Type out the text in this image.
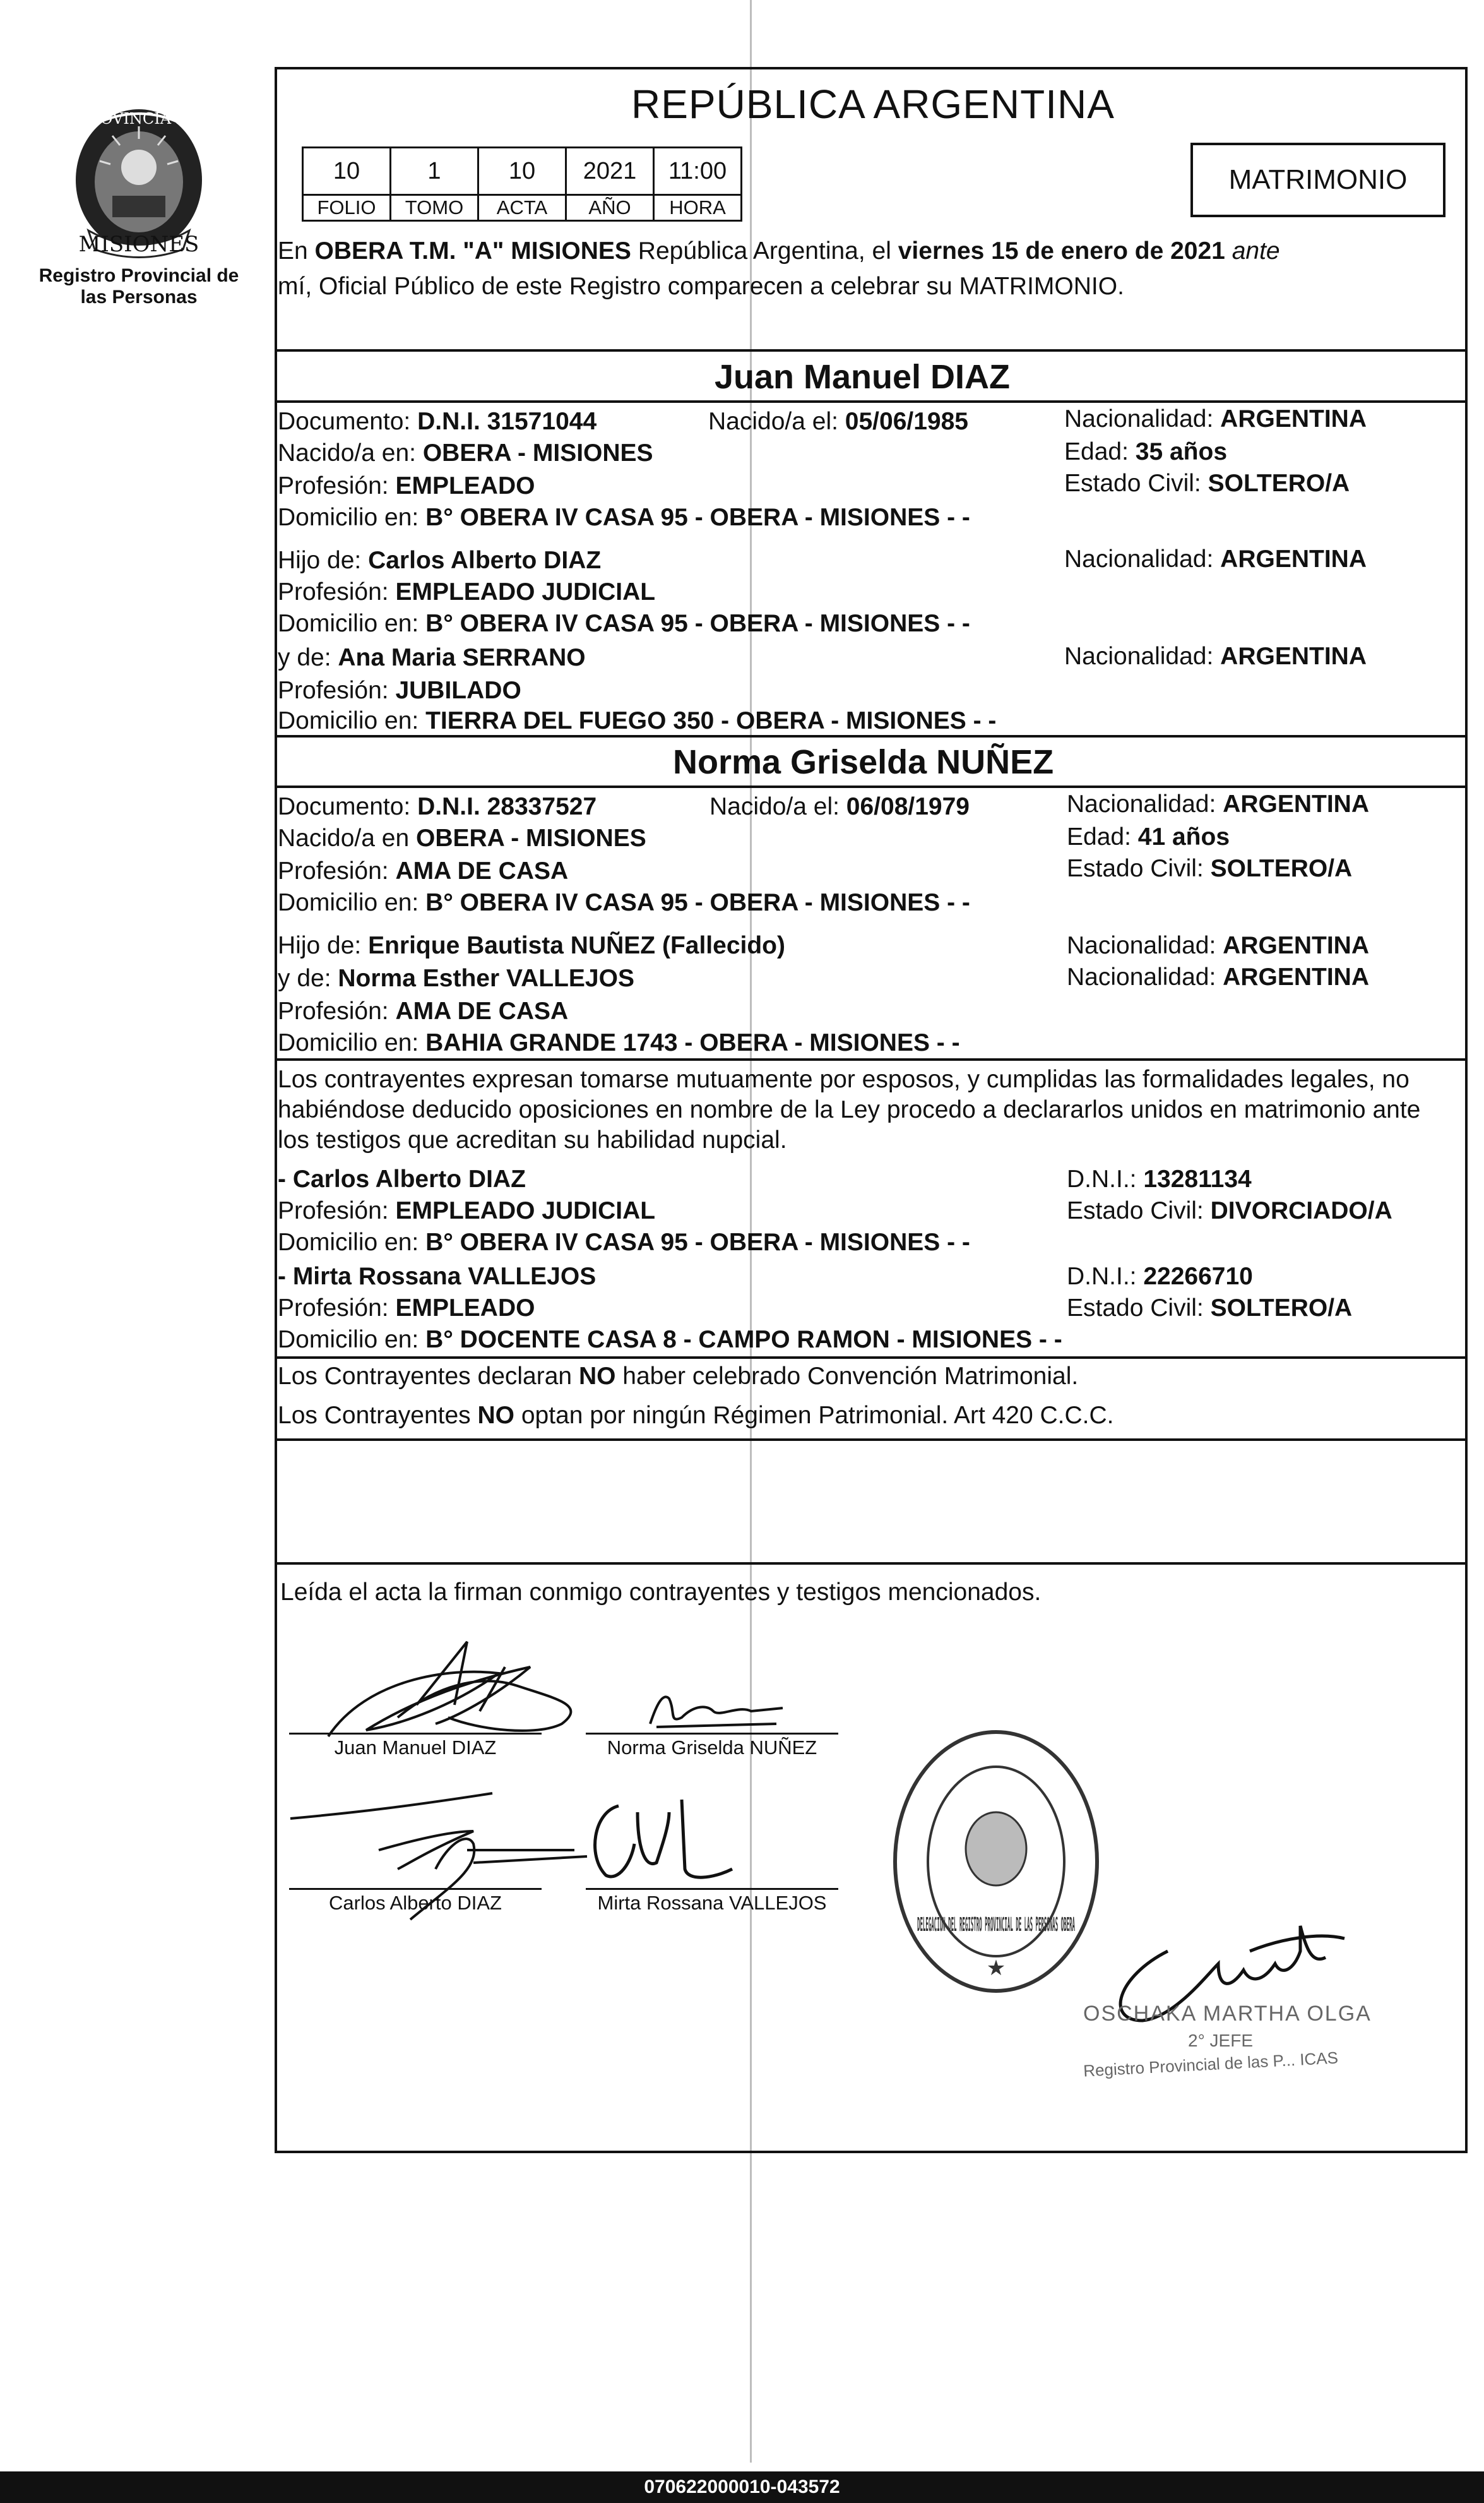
PROVINCIA DE
MISIONES
Registro Provincial de las Personas
REPÚBLICA ARGENTINA
10	1	10	2021	11:00
FOLIO	TOMO	ACTA	AÑO	HORA
MATRIMONIO
En OBERA T.M. "A" MISIONES República Argentina, el viernes 15 de enero de 2021 ante
mí, Oficial Público de este Registro comparecen a celebrar su MATRIMONIO.
Juan Manuel DIAZ
Documento: D.N.I. 31571044	Nacido/a el: 05/06/1985	Nacionalidad: ARGENTINA
Nacido/a en: OBERA - MISIONES	Edad: 35 años
Profesión: EMPLEADO	Estado Civil: SOLTERO/A
Domicilio en: B° OBERA IV CASA 95 - OBERA - MISIONES - -
Hijo de: Carlos Alberto DIAZ	Nacionalidad: ARGENTINA
Profesión: EMPLEADO JUDICIAL
Domicilio en: B° OBERA IV CASA 95 - OBERA - MISIONES - -
y de: Ana Maria SERRANO	Nacionalidad: ARGENTINA
Profesión: JUBILADO
Domicilio en: TIERRA DEL FUEGO 350 - OBERA - MISIONES - -
Norma Griselda NUÑEZ
Documento: D.N.I. 28337527	Nacido/a el: 06/08/1979	Nacionalidad: ARGENTINA
Nacido/a en OBERA - MISIONES	Edad: 41 años
Profesión: AMA DE CASA	Estado Civil: SOLTERO/A
Domicilio en: B° OBERA IV CASA 95 - OBERA - MISIONES - -
Hijo de: Enrique Bautista NUÑEZ (Fallecido)	Nacionalidad: ARGENTINA
y de: Norma Esther VALLEJOS	Nacionalidad: ARGENTINA
Profesión: AMA DE CASA
Domicilio en: BAHIA GRANDE 1743 - OBERA - MISIONES - -
Los contrayentes expresan tomarse mutuamente por esposos, y cumplidas las formalidades legales, no
habiéndose deducido oposiciones en nombre de la Ley procedo a declararlos unidos en matrimonio ante
los testigos que acreditan su habilidad nupcial.
- Carlos Alberto DIAZ	D.N.I.: 13281134
Profesión: EMPLEADO JUDICIAL	Estado Civil: DIVORCIADO/A
Domicilio en: B° OBERA IV CASA 95 - OBERA - MISIONES - -
- Mirta Rossana VALLEJOS	D.N.I.: 22266710
Profesión: EMPLEADO	Estado Civil: SOLTERO/A
Domicilio en: B° DOCENTE CASA 8 - CAMPO RAMON - MISIONES - -
Los Contrayentes declaran NO haber celebrado Convención Matrimonial.
Los Contrayentes NO optan por ningún Régimen Patrimonial. Art 420 C.C.C.
Leída el acta la firman conmigo contrayentes y testigos mencionados.
Juan Manuel DIAZ	Norma Griselda NUÑEZ
Carlos Alberto DIAZ	Mirta Rossana VALLEJOS
DELEGACION DEL REGISTRO PROVINCIAL DE LAS PERSONAS OBERA
★
OSCHAKA MARTHA OLGA
2° JEFE
Registro Provincial de las P... ICAS
070622000010-043572
